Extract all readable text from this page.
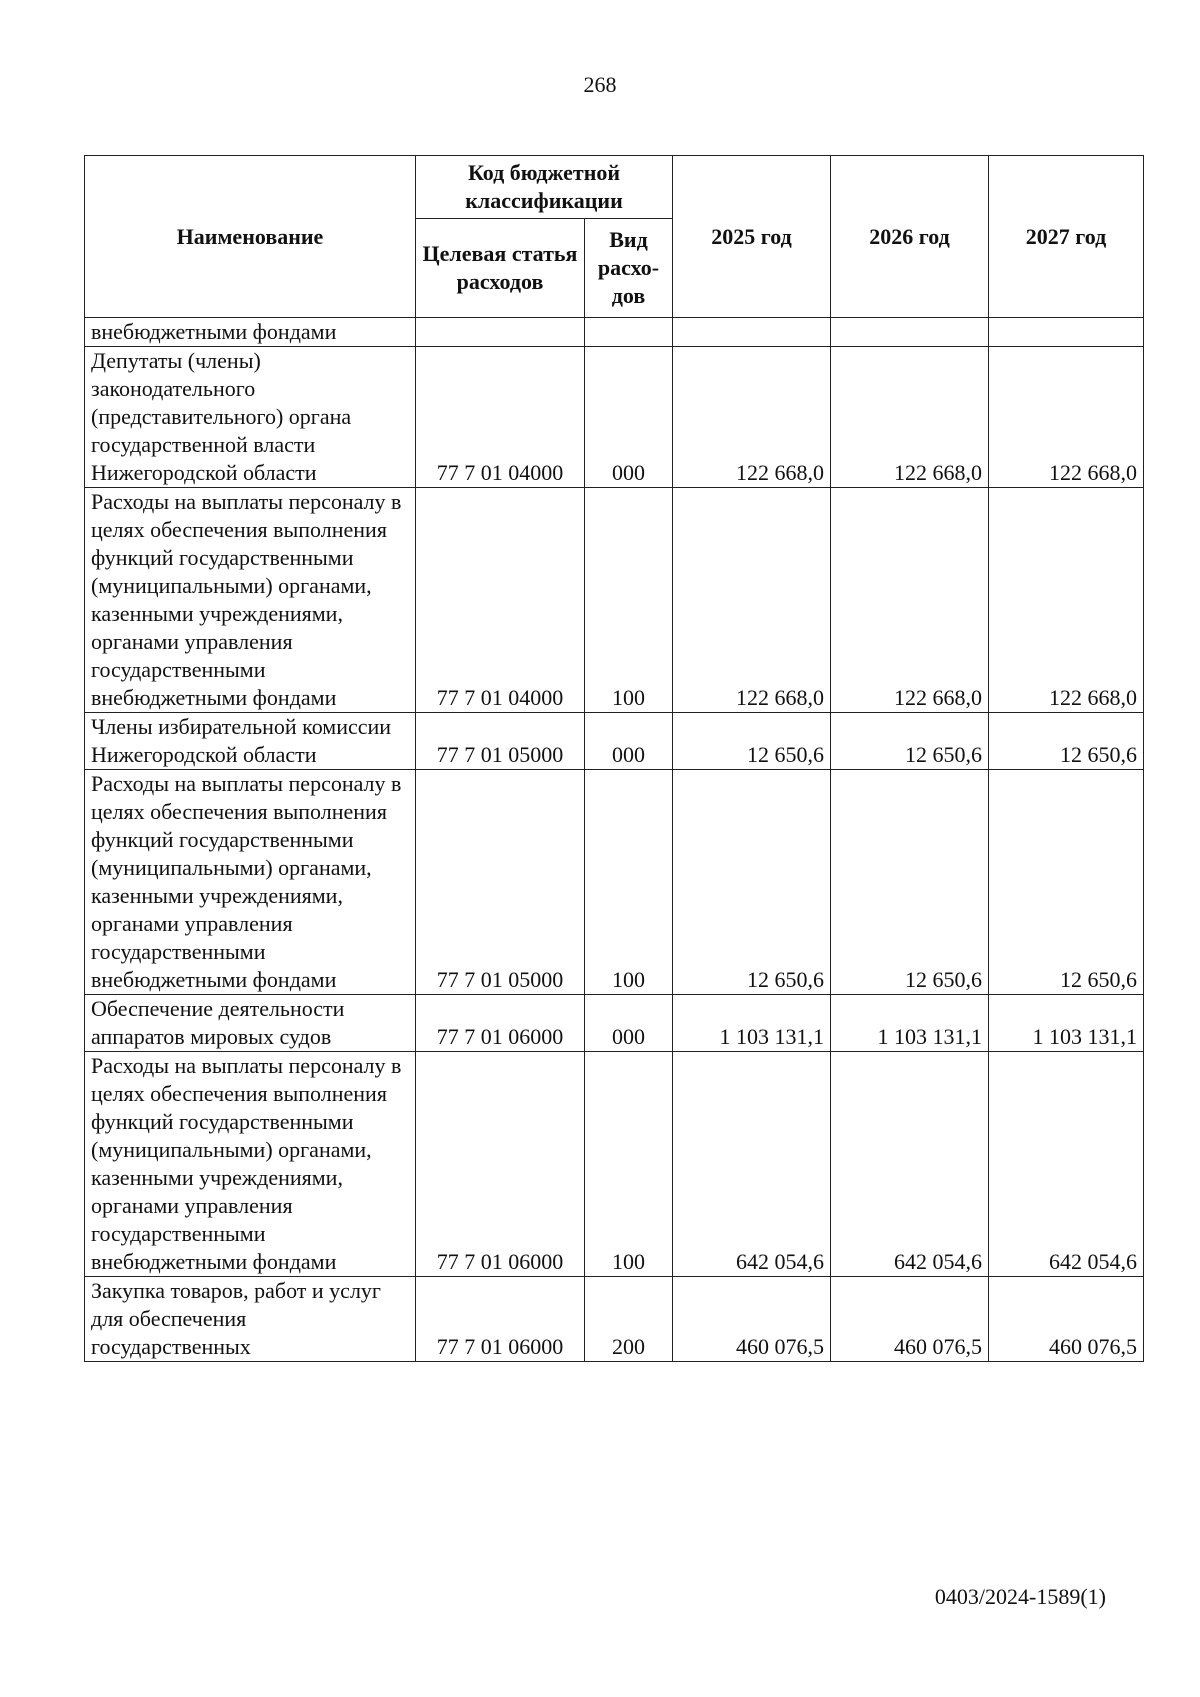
268
Наименование	Код бюджетной классификации		2025 год	2026 год	2027 год
	Целевая статья расходов	Вид расхо-дов			
внебюджетными фондами					
Депутаты (члены) законодательного (представительного) органа государственной власти Нижегородской области	77 7 01 04000	000	122 668,0	122 668,0	122 668,0
Расходы на выплаты персоналу в целях обеспечения выполнения функций государственными (муниципальными) органами, казенными учреждениями, органами управления государственными внебюджетными фондами	77 7 01 04000	100	122 668,0	122 668,0	122 668,0
Члены избирательной комиссии Нижегородской области	77 7 01 05000	000	12 650,6	12 650,6	12 650,6
Расходы на выплаты персоналу в целях обеспечения выполнения функций государственными (муниципальными) органами, казенными учреждениями, органами управления государственными внебюджетными фондами	77 7 01 05000	100	12 650,6	12 650,6	12 650,6
Обеспечение деятельности аппаратов мировых судов	77 7 01 06000	000	1 103 131,1	1 103 131,1	1 103 131,1
Расходы на выплаты персоналу в целях обеспечения выполнения функций государственными (муниципальными) органами, казенными учреждениями, органами управления государственными внебюджетными фондами	77 7 01 06000	100	642 054,6	642 054,6	642 054,6
Закупка товаров, работ и услуг для обеспечения государственных	77 7 01 06000	200	460 076,5	460 076,5	460 076,5
0403/2024-1589(1)
